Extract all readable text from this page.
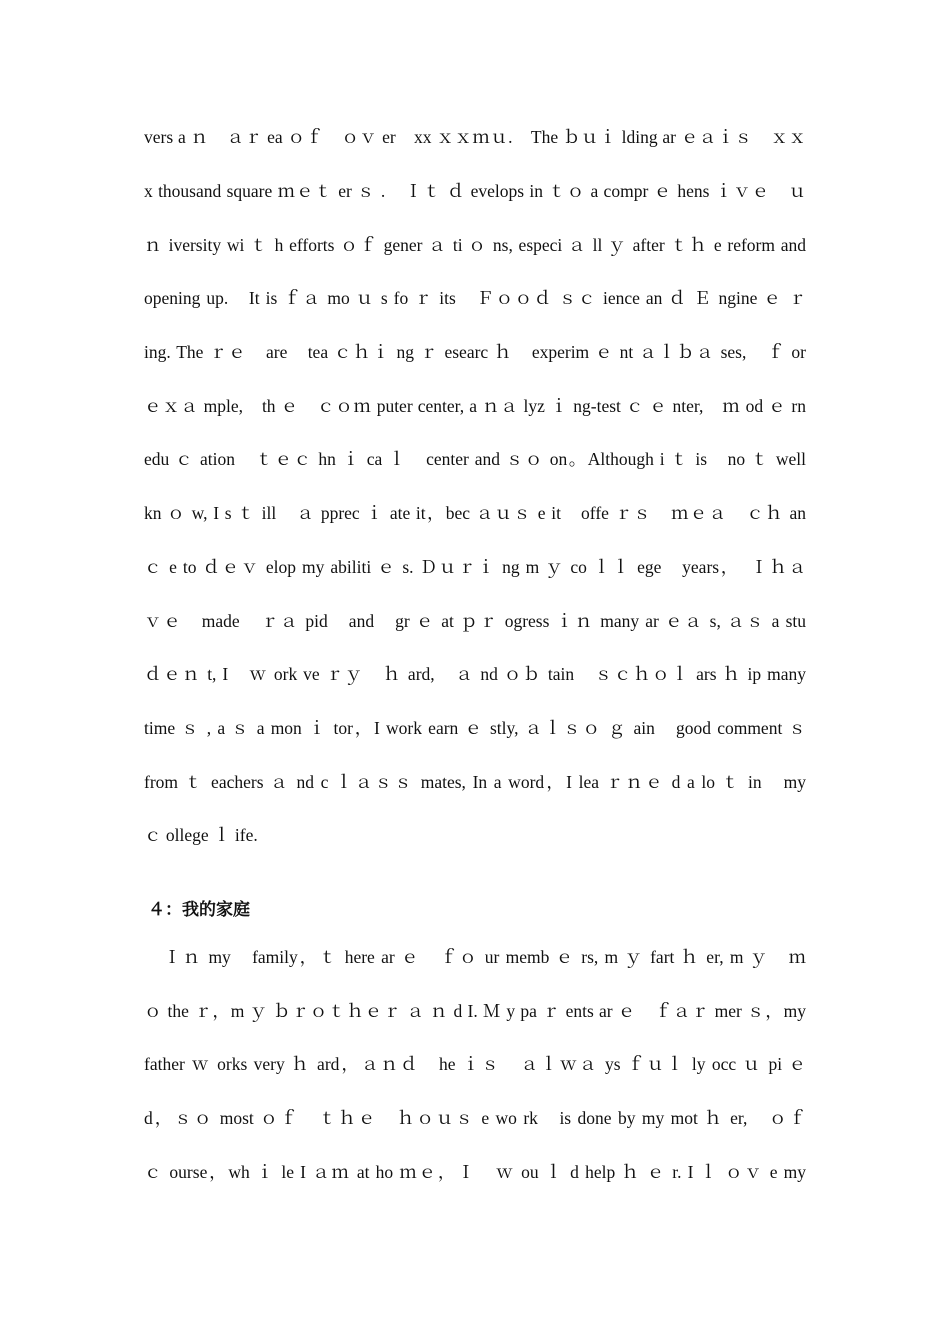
vers a ｎ　ａｒ ea ｏｆ　ｏｖ er　xx ｘｘｍｕ.　The ｂｕｉ lding ar ｅａｉｓ　ｘｘ
x thousand square ｍｅｔ er ｓ .　Ｉｔ ｄ evelops in ｔｏ a compr ｅ hens ｉｖｅ　ｕ
ｎ iversity wi ｔ h efforts ｏｆ gener ａ ti ｏ ns, especi ａ ll ｙ after ｔｈ e reform and
opening up.　It is ｆａ mo ｕ s fo ｒ its　Ｆｏｏｄ ｓｃ ience an ｄ Ｅ ngine ｅ ｒ
ing. The ｒｅ　are　tea ｃｈｉ ng ｒ esearc ｈ　experim ｅ nt ａｌｂａ ses,　ｆ or
ｅｘａ mple,　th ｅ　ｃｏｍ puter center, a ｎａ lyz ｉ ng-test ｃ ｅ nter,　ｍ od ｅ rn
edu ｃ ation　ｔｅｃ hn ｉ ca ｌ　center and ｓｏ on。Although i ｔ is　no ｔ well
kn ｏ w, I s ｔ ill　ａ pprec ｉ ate it，bec ａｕｓ e it　offe ｒｓ　ｍｅａ　ｃｈ an
ｃ e to ｄｅｖ elop my abiliti ｅ s. Ｄｕｒｉ ng m ｙ co ｌｌ ege　years，　Ｉｈａ
ｖｅ　made　ｒａ pid　and　gr ｅ at ｐｒ ogress ｉｎ many ar ｅａ s, ａｓ a stu
ｄｅｎ t, I　ｗ ork ve ｒｙ　ｈ ard,　ａ nd ｏｂ tain　ｓｃｈｏｌ ars ｈ ip many
time ｓ , a ｓ a mon ｉ tor，I work earn ｅ stly, ａｌｓｏ ｇ ain　good comment ｓ
from ｔ eachers ａ nd c ｌａｓｓ mates, In a word，I lea ｒｎｅ d a lo ｔ in　my
ｃ ollege ｌ ife.
４：我的家庭
　Ｉｎ my　family，ｔ here ar ｅ　ｆｏ ur memb ｅ rs, m ｙ fart ｈ er, m ｙ　ｍ
ｏ the ｒ，m ｙ ｂｒｏｔｈｅｒ ａ ｎ d I. Ｍ y pa ｒ ents ar ｅ　ｆａｒ mer ｓ，my
father ｗ orks very ｈ ard，ａｎｄ　he ｉｓ　ａｌｗａ ys ｆｕｌ ly occ ｕ pi ｅ
d，ｓｏ most ｏｆ　ｔｈｅ　ｈｏｕｓ e wo rk　is done by my mot ｈ er,　ｏｆ
ｃ ourse，wh ｉ le I ａｍ at ho ｍｅ，Ｉ　ｗ ou ｌ d help ｈ ｅ r. I ｌ ｏｖ e my
